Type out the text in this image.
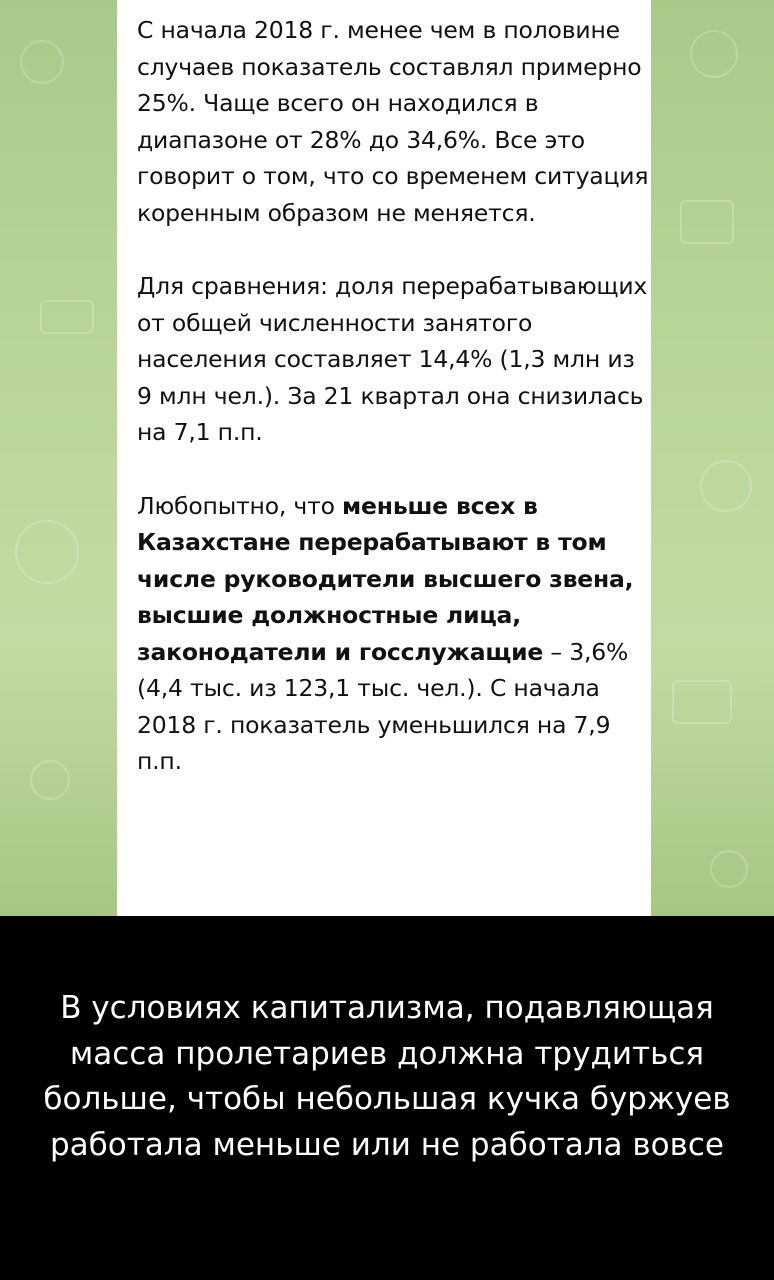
С начала 2018 г. менее чем в половине случаев показатель составлял примерно 25%. Чаще всего он находился в диапазоне от 28% до 34,6%. Все это говорит о том, что со временем ситуация коренным образом не меняется.

Для сравнения: доля перерабатывающих от общей численности занятого населения составляет 14,4% (1,3 млн из 9 млн чел.). За 21 квартал она снизилась на 7,1 п.п.

Любопытно, что меньше всех в Казахстане перерабатывают в том числе руководители высшего звена, высшие должностные лица, законодатели и госслужащие – 3,6% (4,4 тыс. из 123,1 тыс. чел.). С начала 2018 г. показатель уменьшился на 7,9 п.п.

В условиях капитализма, подавляющая масса пролетариев должна трудиться больше, чтобы небольшая кучка буржуев работала меньше или не работала вовсе
